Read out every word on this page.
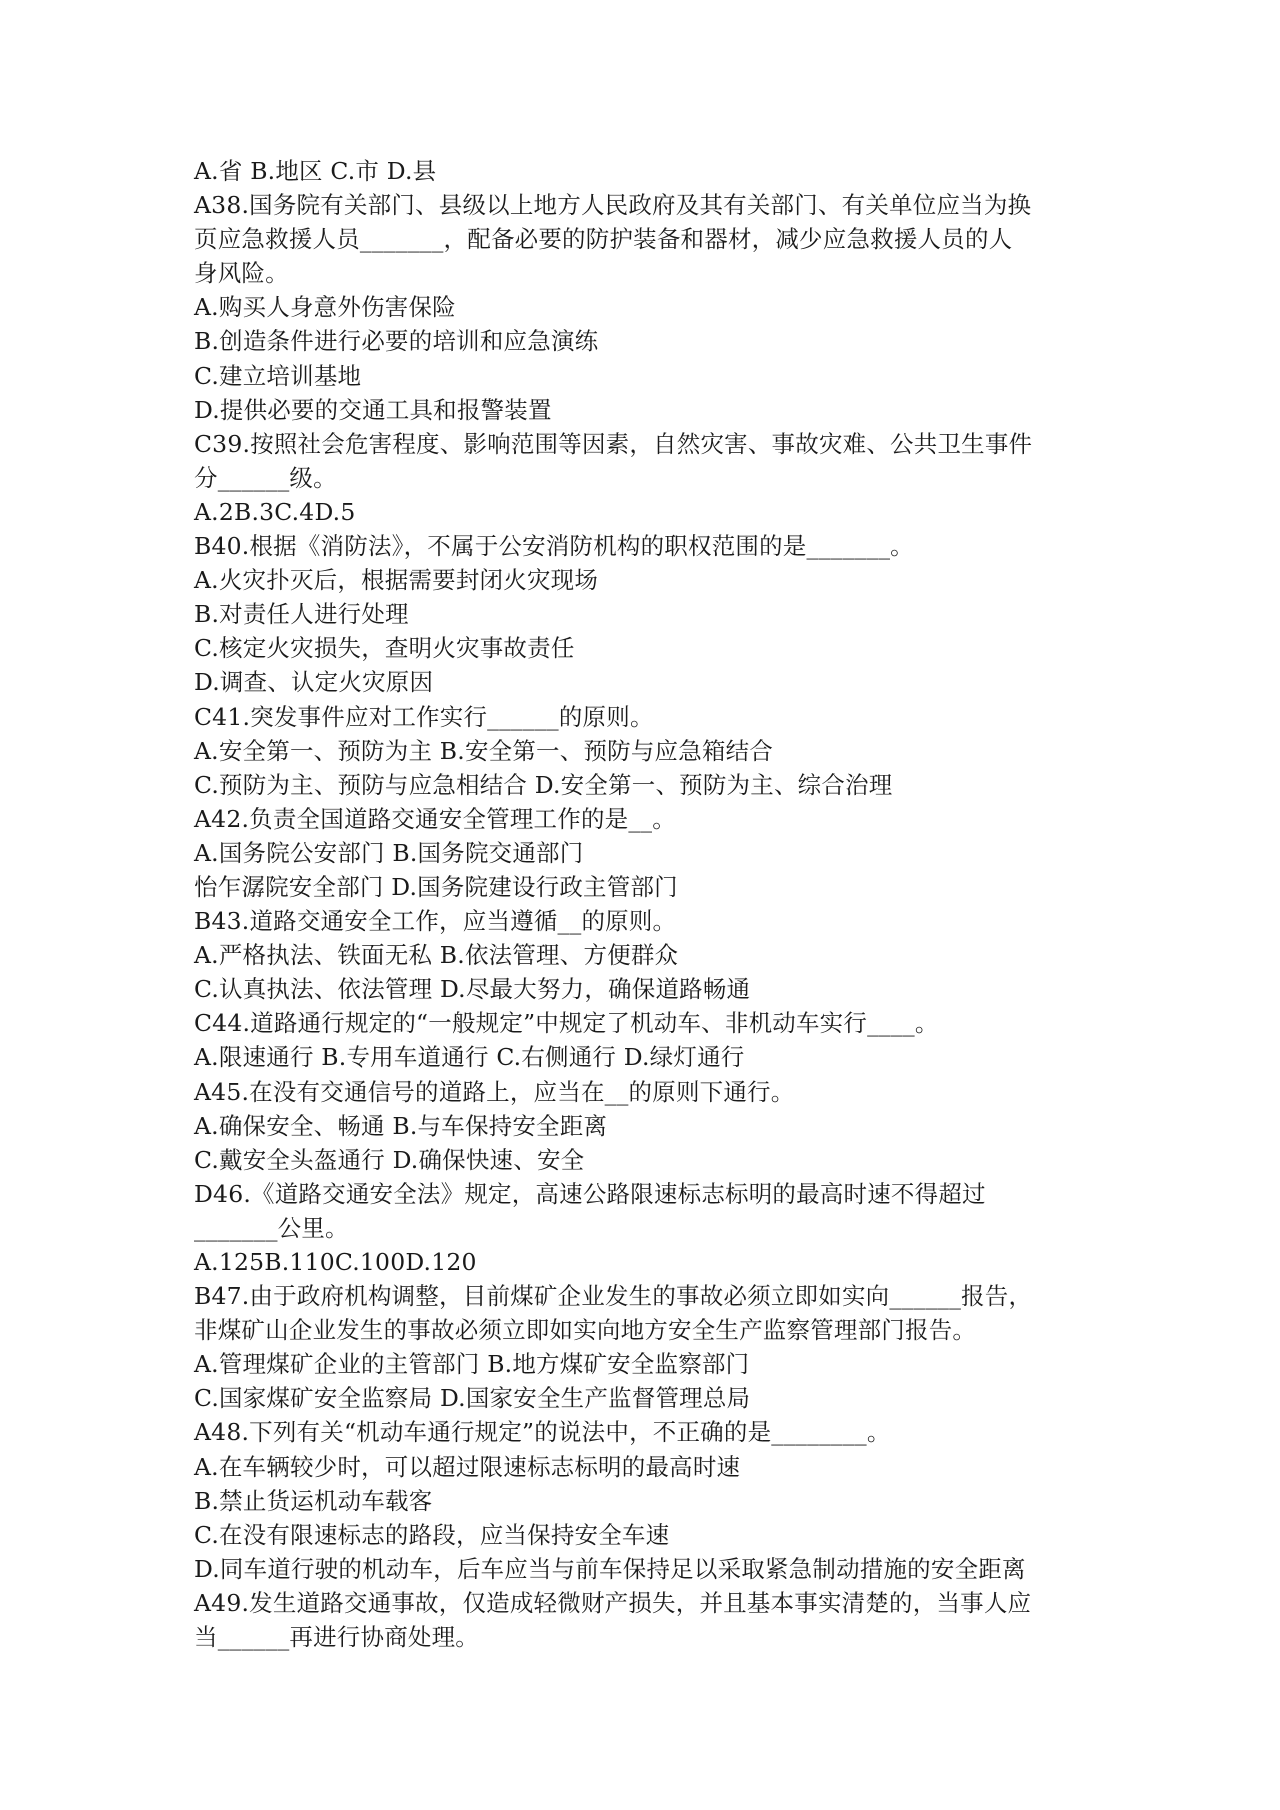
A.省 B.地区 C.市 D.县
A38.国务院有关部门、县级以上地方人民政府及其有关部门、有关单位应当为换
页应急救援人员_______，配备必要的防护装备和器材，减少应急救援人员的人
身风险。
A.购买人身意外伤害保险
B.创造条件进行必要的培训和应急演练
C.建立培训基地
D.提供必要的交通工具和报警装置
C39.按照社会危害程度、影响范围等因素，自然灾害、事故灾难、公共卫生事件
分______级。
A.2B.3C.4D.5
B40.根据《消防法》，不属于公安消防机构的职权范围的是_______。
A.火灾扑灭后，根据需要封闭火灾现场
B.对责任人进行处理
C.核定火灾损失，查明火灾事故责任
D.调查、认定火灾原因
C41.突发事件应对工作实行______的原则。
A.安全第一、预防为主 B.安全第一、预防与应急箱结合
C.预防为主、预防与应急相结合 D.安全第一、预防为主、综合治理
A42.负责全国道路交通安全管理工作的是__。
A.国务院公安部门 B.国务院交通部门
怡乍潺院安全部门 D.国务院建设行政主管部门
B43.道路交通安全工作，应当遵循__的原则。
A.严格执法、铁面无私 B.依法管理、方便群众
C.认真执法、依法管理 D.尽最大努力，确保道路畅通
C44.道路通行规定的“一般规定”中规定了机动车、非机动车实行____。
A.限速通行 B.专用车道通行 C.右侧通行 D.绿灯通行
A45.在没有交通信号的道路上，应当在__的原则下通行。
A.确保安全、畅通 B.与车保持安全距离
C.戴安全头盔通行 D.确保快速、安全
D46.《道路交通安全法》规定，高速公路限速标志标明的最高时速不得超过
_______公里。
A.125B.110C.100D.120
B47.由于政府机构调整，目前煤矿企业发生的事故必须立即如实向______报告，
非煤矿山企业发生的事故必须立即如实向地方安全生产监察管理部门报告。
A.管理煤矿企业的主管部门 B.地方煤矿安全监察部门
C.国家煤矿安全监察局 D.国家安全生产监督管理总局
A48.下列有关“机动车通行规定”的说法中，不正确的是________。
A.在车辆较少时，可以超过限速标志标明的最高时速
B.禁止货运机动车载客
C.在没有限速标志的路段，应当保持安全车速
D.同车道行驶的机动车，后车应当与前车保持足以采取紧急制动措施的安全距离
A49.发生道路交通事故，仅造成轻微财产损失，并且基本事实清楚的，当事人应
当______再进行协商处理。
